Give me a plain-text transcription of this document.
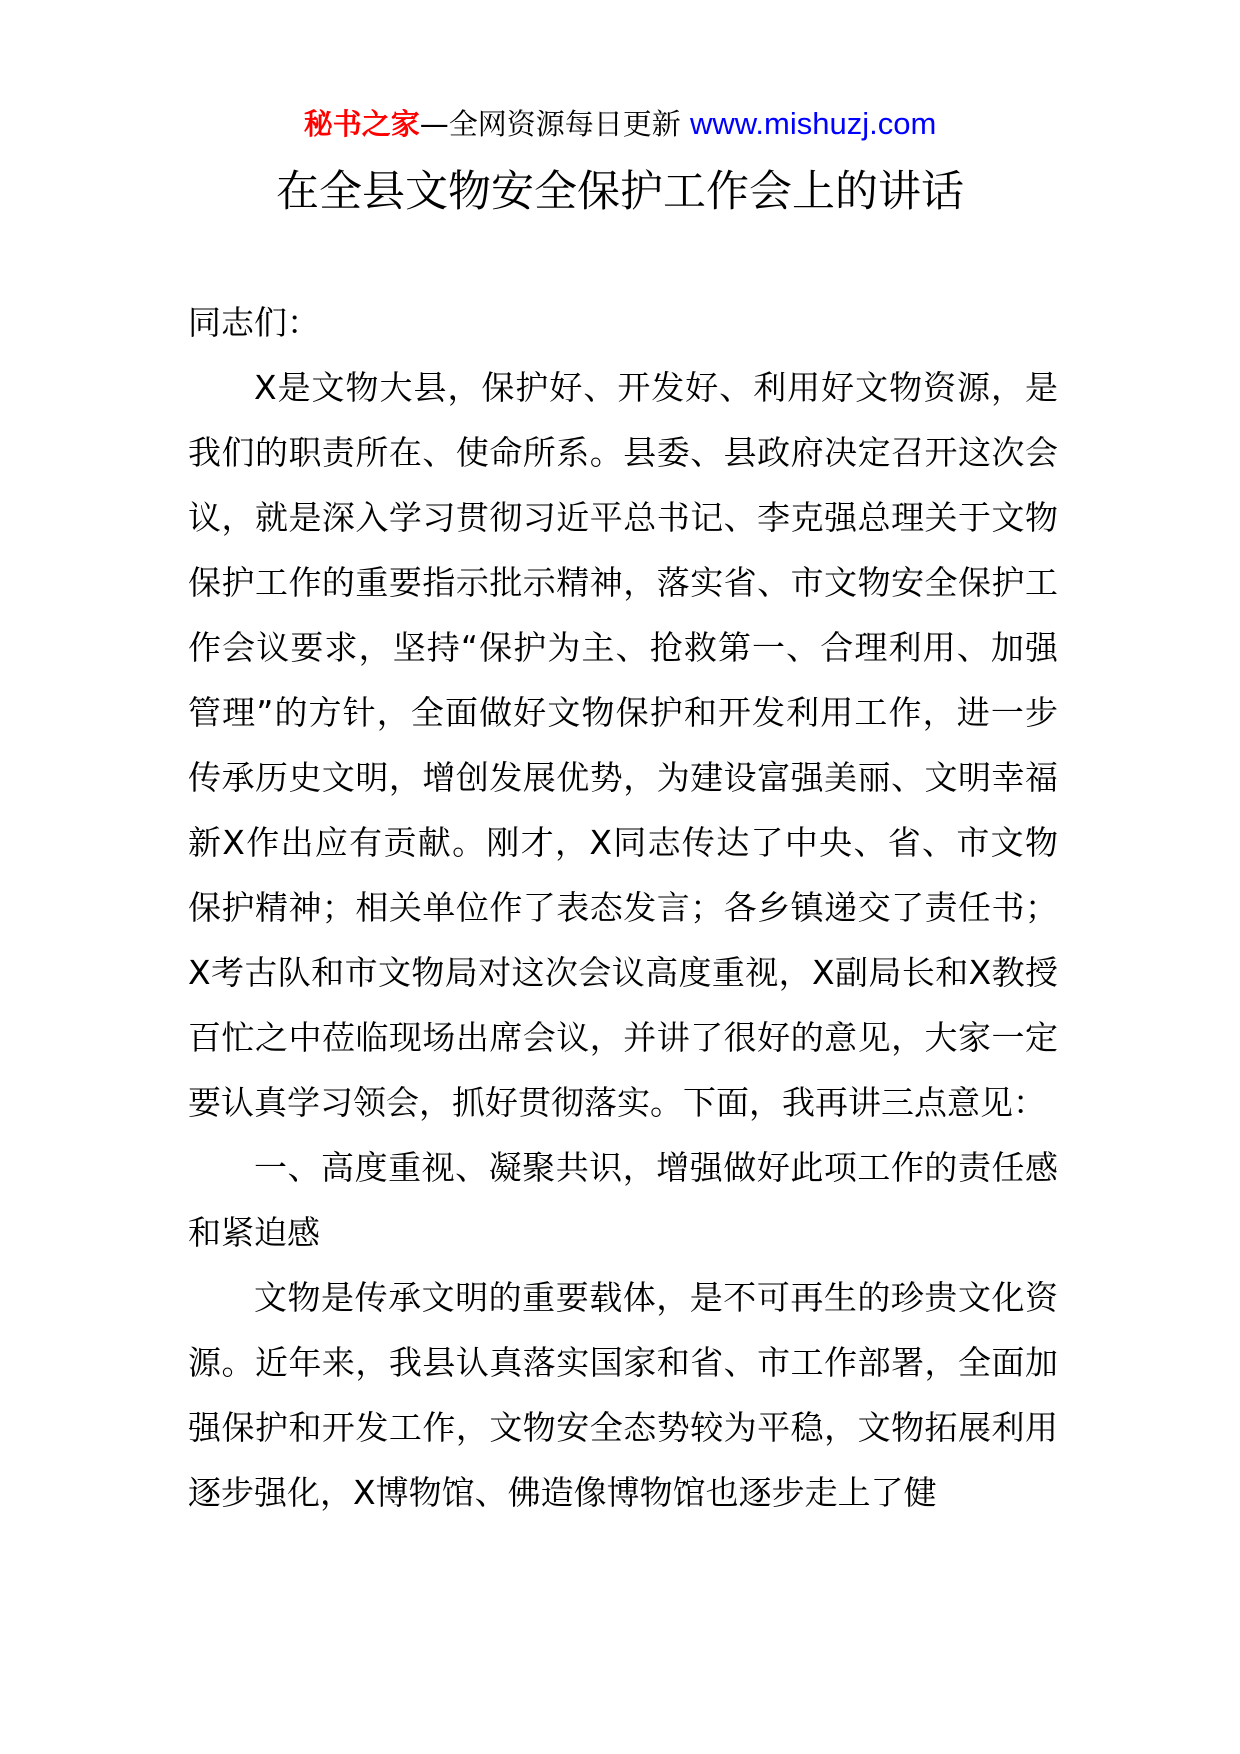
秘书之家—全网资源每日更新 www.mishuzj.com
在全县文物安全保护工作会上的讲话

同志们：

X是文物大县，保护好、开发好、利用好文物资源，是我们的职责所在、使命所系。县委、县政府决定召开这次会议，就是深入学习贯彻习近平总书记、李克强总理关于文物保护工作的重要指示批示精神，落实省、市文物安全保护工作会议要求，坚持“保护为主、抢救第一、合理利用、加强管理”的方针，全面做好文物保护和开发利用工作，进一步传承历史文明，增创发展优势，为建设富强美丽、文明幸福新X作出应有贡献。刚才，X同志传达了中央、省、市文物保护精神；相关单位作了表态发言；各乡镇递交了责任书；X考古队和市文物局对这次会议高度重视，X副局长和X教授百忙之中莅临现场出席会议，并讲了很好的意见，大家一定要认真学习领会，抓好贯彻落实。下面，我再讲三点意见：

一、高度重视、凝聚共识，增强做好此项工作的责任感和紧迫感

文物是传承文明的重要载体，是不可再生的珍贵文化资源。近年来，我县认真落实国家和省、市工作部署，全面加强保护和开发工作，文物安全态势较为平稳，文物拓展利用逐步强化，X博物馆、佛造像博物馆也逐步走上了健
